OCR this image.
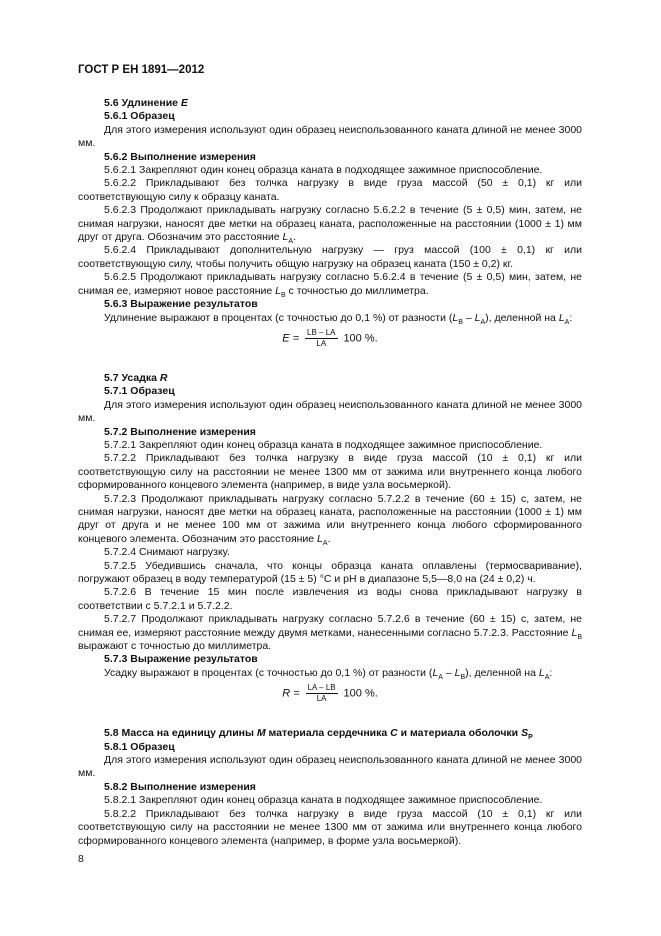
ГОСТ Р ЕН 1891—2012

5.6 Удлинение E

5.6.1 Образец

Для этого измерения используют один образец неиспользованного каната длиной не менее 3000 мм.

5.6.2 Выполнение измерения

5.6.2.1 Закрепляют один конец образца каната в подходящее зажимное приспособление.

5.6.2.2 Прикладывают без толчка нагрузку в виде груза массой (50 ± 0,1) кг или соответствующую силу к образцу каната.

5.6.2.3 Продолжают прикладывать нагрузку согласно 5.6.2.2 в течение (5 ± 0,5) мин, затем, не снимая нагрузки, наносят две метки на образец каната, расположенные на расстоянии (1000 ± 1) мм друг от друга. Обозначим это расстояние $L_A$.

5.6.2.4 Прикладывают дополнительную нагрузку — груз массой (100 ± 0,1) кг или соответствующую силу, чтобы получить общую нагрузку на образец каната (150 ± 0,2) кг.

5.6.2.5 Продолжают прикладывать нагрузку согласно 5.6.2.4 в течение (5 ± 0,5) мин, затем, не снимая ее, измеряют новое расстояние $L_B$ с точностью до миллиметра.

5.6.3 Выражение результатов

Удлинение выражают в процентах (с точностью до 0,1 %) от разности $(L_B - L_A)$, деленной на $L_A$:

$E = \frac{LB - LA}{LA} 100$ %.

5.7 Усадка R

5.7.1 Образец

Для этого измерения используют один образец неиспользованного каната длиной не менее 3000 мм.

5.7.2 Выполнение измерения

5.7.2.1 Закрепляют один конец образца каната в подходящее зажимное приспособление.

5.7.2.2 Прикладывают без толчка нагрузку в виде груза массой (10 ± 0,1) кг или соответствующую силу на расстоянии не менее 1300 мм от зажима или внутреннего конца любого сформированного концевого элемента (например, в виде узла восьмеркой).

5.7.2.3 Продолжают прикладывать нагрузку согласно 5.7.2.2 в течение (60 ± 15) с, затем, не снимая нагрузки, наносят две метки на образец каната, расположенные на расстоянии (1000 ± 1) мм друг от друга и не менее 100 мм от зажима или внутреннего конца любого сформированного концевого элемента. Обозначим это расстояние $L_A$.

5.7.2.4 Снимают нагрузку.

5.7.2.5 Убедившись сначала, что концы образца каната оплавлены (термосваривание), погружают образец в воду температурой (15 ± 5) °С и рН в диапазоне 5,5—8,0 на (24 ± 0,2) ч.

5.7.2.6 В течение 15 мин после извлечения из воды снова прикладывают нагрузку в соответствии с 5.7.2.1 и 5.7.2.2.

5.7.2.7 Продолжают прикладывать нагрузку согласно 5.7.2.6 в течение (60 ± 15) с, затем, не снимая ее, измеряют расстояние между двумя метками, нанесенными согласно 5.7.2.3. Расстояние $L_B$ выражают с точностью до миллиметра.

5.7.3 Выражение результатов

Усадку выражают в процентах (с точностью до 0,1 %) от разности $(L_A - L_B)$, деленной на $L_A$:

$R = \frac{LA - LB}{LA} 100$ %.

5.8 Масса на единицу длины M материала сердечника C и материала оболочки $S_P$

5.8.1 Образец

Для этого измерения используют один образец неиспользованного каната длиной не менее 3000 мм.

5.8.2 Выполнение измерения

5.8.2.1 Закрепляют один конец образца каната в подходящее зажимное приспособление.

5.8.2.2 Прикладывают без толчка нагрузку в виде груза массой (10 ± 0,1) кг или соответствующую силу на расстоянии не менее 1300 мм от зажима или внутреннего конца любого сформированного концевого элемента (например, в форме узла восьмеркой).

8
